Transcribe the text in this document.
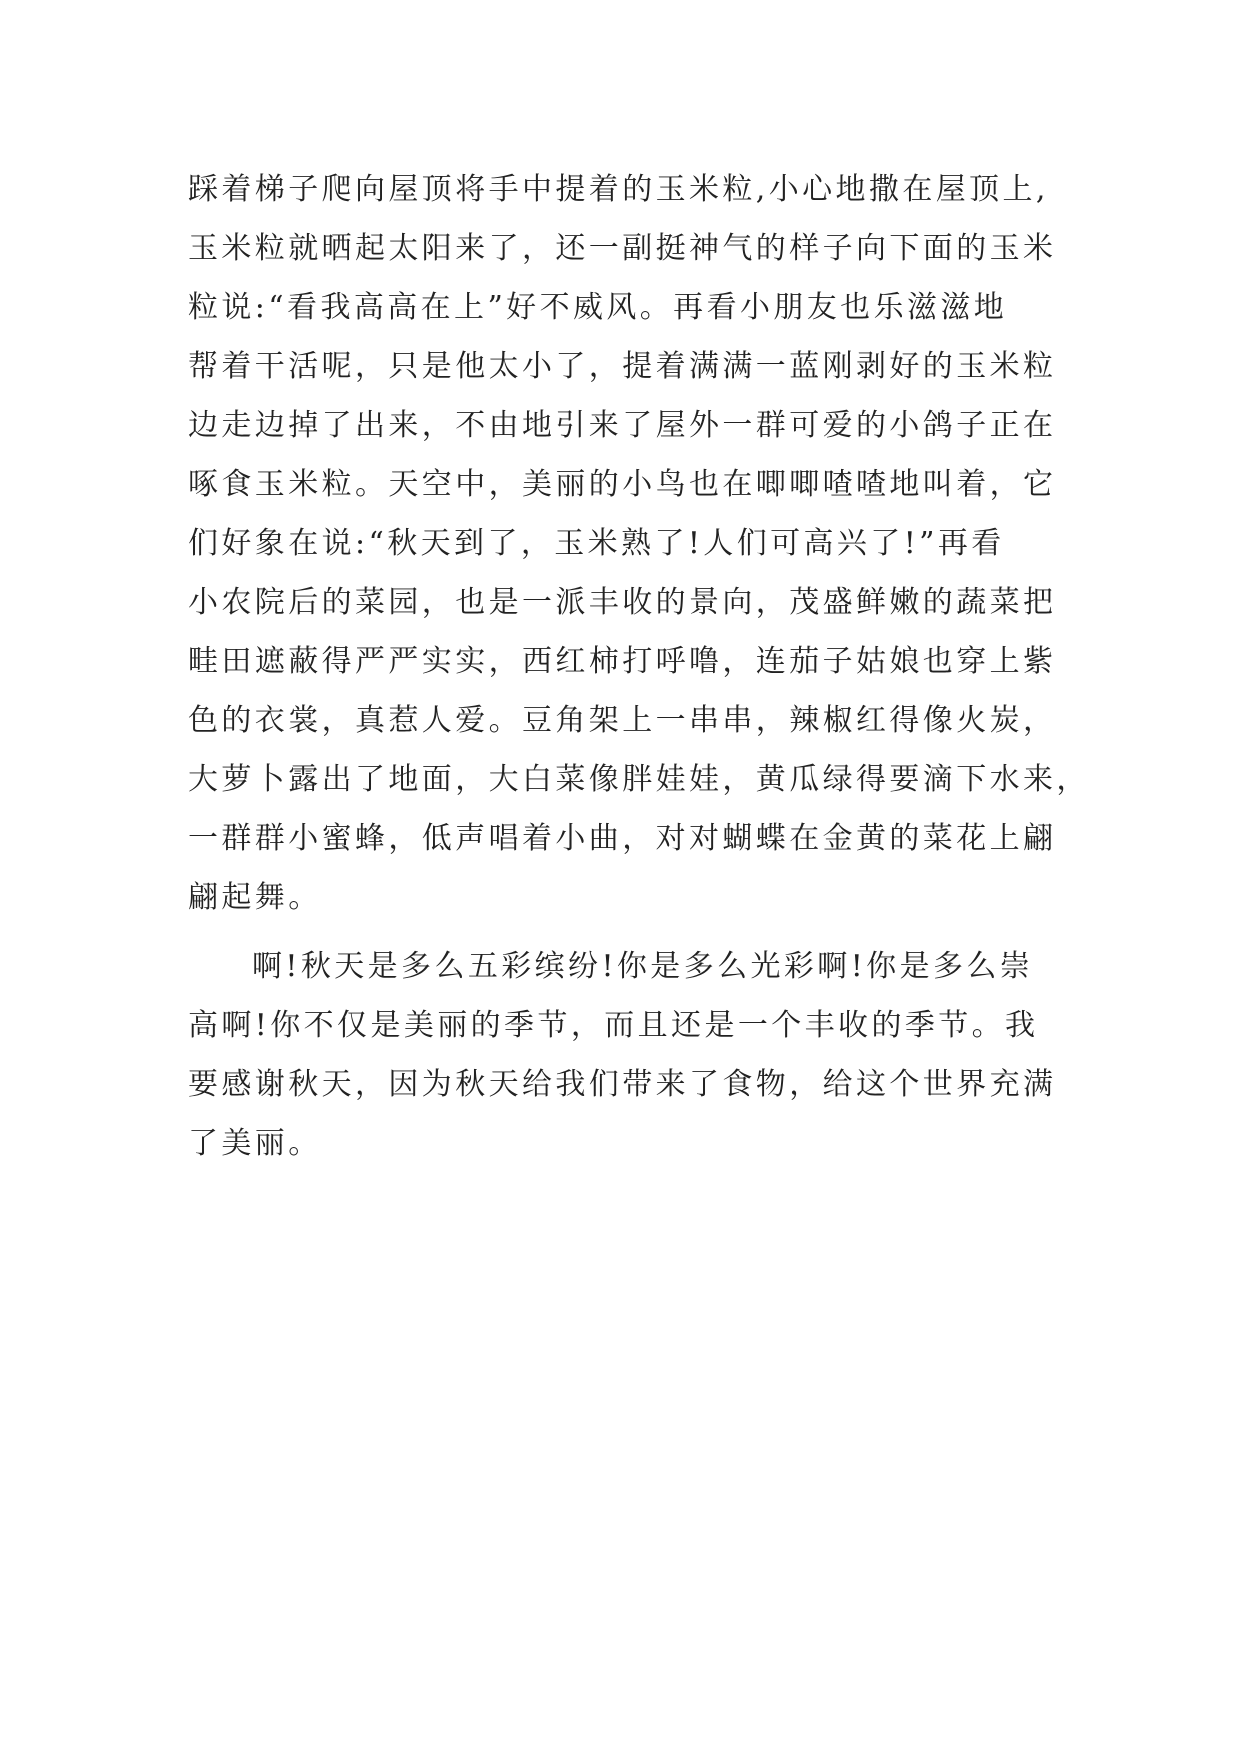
踩着梯子爬向屋顶将手中提着的玉米粒,小心地撒在屋顶上,
玉米粒就晒起太阳来了，还一副挺神气的样子向下面的玉米
粒说:“看我高高在上”好不威风。再看小朋友也乐滋滋地
帮着干活呢，只是他太小了，提着满满一蓝刚剥好的玉米粒
边走边掉了出来，不由地引来了屋外一群可爱的小鸽子正在
啄食玉米粒。天空中，美丽的小鸟也在唧唧喳喳地叫着，它
们好象在说:“秋天到了，玉米熟了!人们可高兴了!”再看
小农院后的菜园，也是一派丰收的景向，茂盛鲜嫩的蔬菜把
畦田遮蔽得严严实实，西红柿打呼噜，连茄子姑娘也穿上紫
色的衣裳，真惹人爱。豆角架上一串串，辣椒红得像火炭，
大萝卜露出了地面，大白菜像胖娃娃，黄瓜绿得要滴下水来，
一群群小蜜蜂，低声唱着小曲，对对蝴蝶在金黄的菜花上翩
翩起舞。
啊!秋天是多么五彩缤纷!你是多么光彩啊!你是多么崇
高啊!你不仅是美丽的季节，而且还是一个丰收的季节。我
要感谢秋天，因为秋天给我们带来了食物，给这个世界充满
了美丽。
